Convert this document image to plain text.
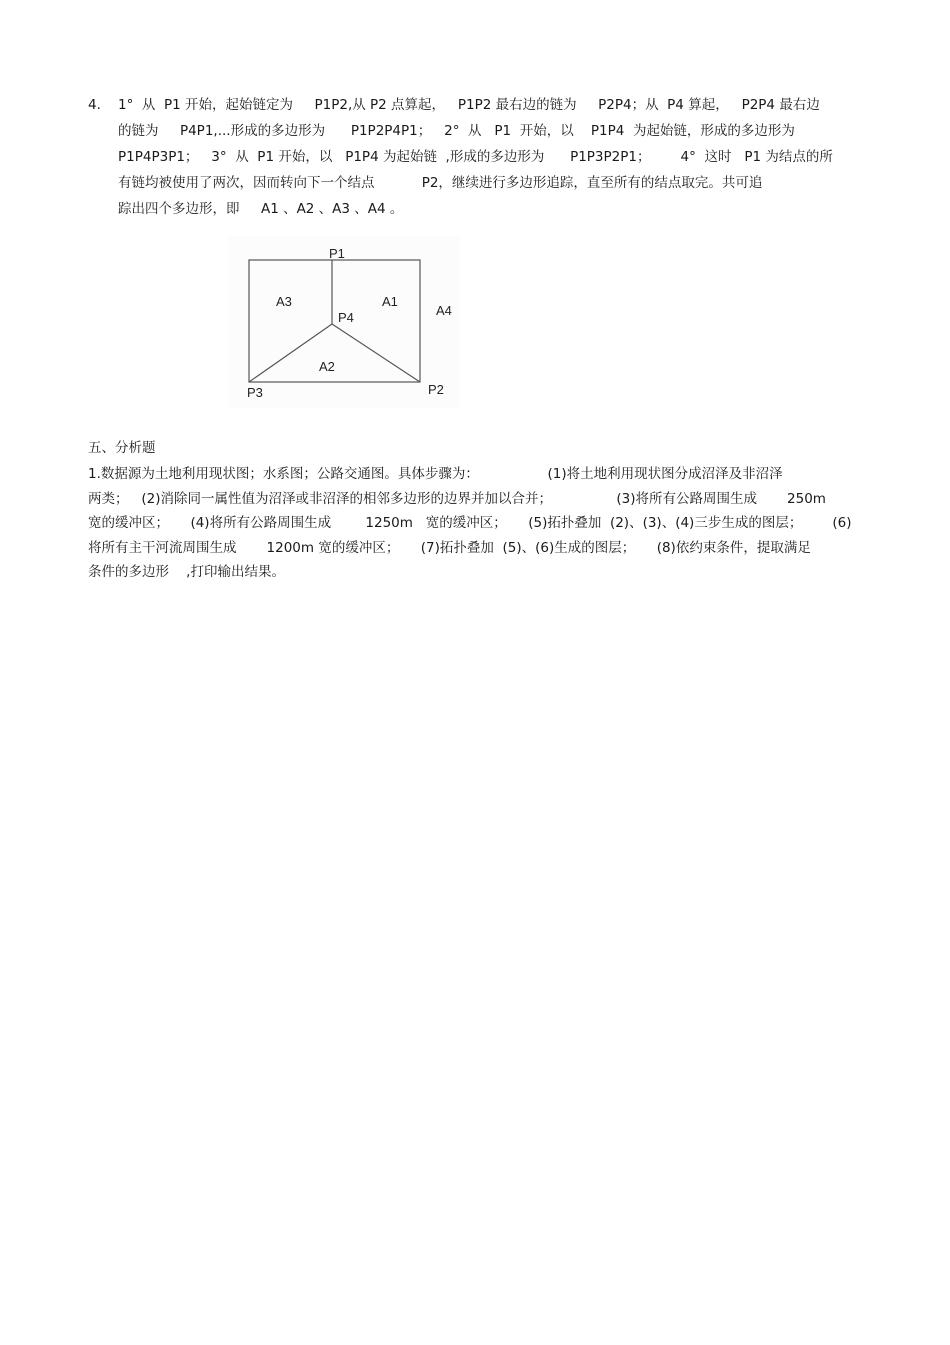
4. 1°  从  P1 开始，起始链定为     P1P2,从 P2 点算起，   P1P2 最右边的链为     P2P4；从  P4 算起，   P2P4 最右边
的链为     P4P1,...形成的多边形为      P1P2P4P1；   2°  从   P1  开始，以    P1P4  为起始链，形成的多边形为
P1P4P3P1；   3°  从  P1 开始，以   P1P4 为起始链  ,形成的多边形为      P1P3P2P1；       4°  这时   P1 为结点的所
有链均被使用了两次，因而转向下一个结点           P2，继续进行多边形追踪，直至所有的结点取完。共可追
踪出四个多边形，即     A1 、A2 、A3 、A4 。
P1
P2
P3
P4
A1
A2
A3
A4
五、分析题
1.数据源为土地利用现状图；水系图；公路交通图。具体步骤为：                (1)将土地利用现状图分成沼泽及非沼泽
两类；   (2)消除同一属性值为沼泽或非沼泽的相邻多边形的边界并加以合并；               (3)将所有公路周围生成       250m
宽的缓冲区；     (4)将所有公路周围生成        1250m   宽的缓冲区；     (5)拓扑叠加  (2)、(3)、(4)三步生成的图层；       (6)
将所有主干河流周围生成       1200m 宽的缓冲区；     (7)拓扑叠加  (5)、(6)生成的图层；     (8)依约束条件，提取满足
条件的多边形    ,打印输出结果。
